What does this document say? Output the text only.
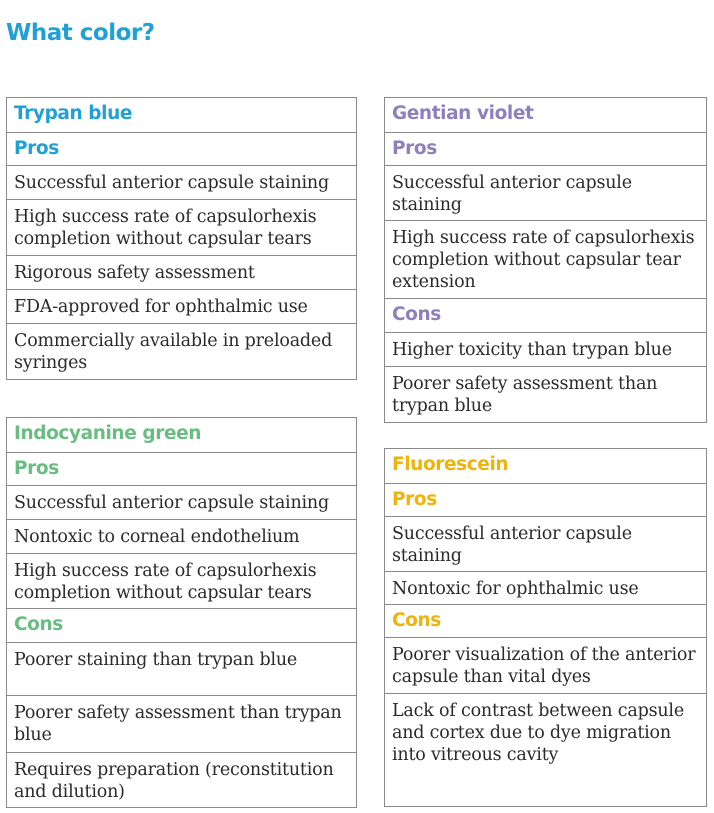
What color?
Trypan blue
Pros
Successful anterior capsule staining
High success rate of capsulorhexis completion without capsular tears
Rigorous safety assessment
FDA-approved for ophthalmic use
Commercially available in preloaded syringes
Gentian violet
Pros
Successful anterior capsule staining
High success rate of capsulorhexis completion without capsular tear extension
Cons
Higher toxicity than trypan blue
Poorer safety assessment than trypan blue
Indocyanine green
Pros
Successful anterior capsule staining
Nontoxic to corneal endothelium
High success rate of capsulorhexis completion without capsular tears
Cons
Poorer staining than trypan blue
Poorer safety assessment than trypan blue
Requires preparation (reconstitution and dilution)
Fluorescein
Pros
Successful anterior capsule staining
Nontoxic for ophthalmic use
Cons
Poorer visualization of the anterior capsule than vital dyes
Lack of contrast between capsule and cortex due to dye migration into vitreous cavity
